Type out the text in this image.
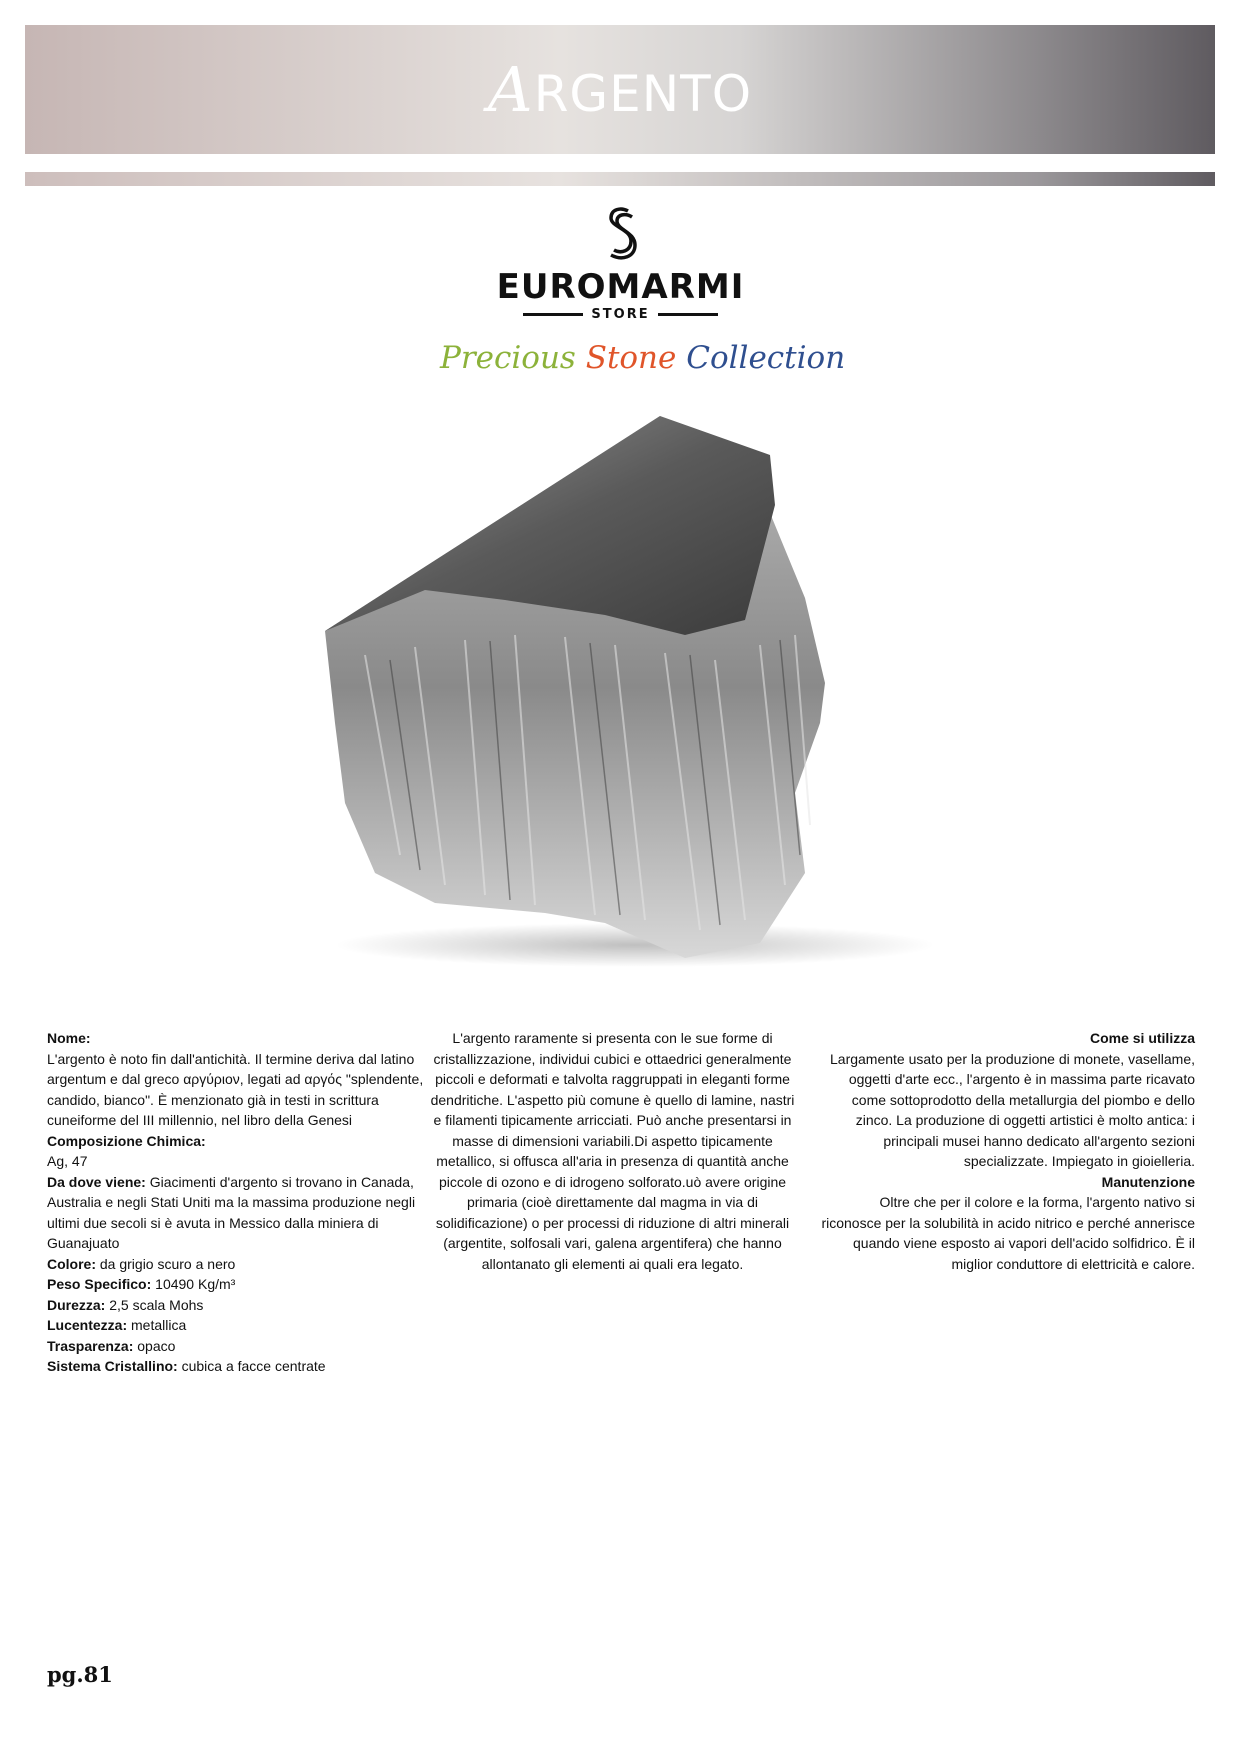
ARGENTO
EUROMARMI
STORE
Precious Stone Collection

Nome:

L'argento è noto fin dall'antichità. Il termine deriva dal latino argentum e dal greco αργύριον, legati ad αργός "splendente, candido, bianco". È menzionato già in testi in scrittura cuneiforme del III millennio, nel libro della Genesi

Composizione Chimica:

Ag, 47

Da dove viene: Giacimenti d'argento si trovano in Canada, Australia e negli Stati Uniti ma la massima produzione negli ultimi due secoli si è avuta in Messico dalla miniera di Guanajuato

Colore: da grigio scuro a nero

Peso Specifico: 10490 Kg/m³

Durezza: 2,5 scala Mohs

Lucentezza: metallica

Trasparenza: opaco

Sistema Cristallino: cubica a facce centrate

L'argento raramente si presenta con le sue forme di cristallizzazione, individui cubici e ottaedrici generalmente piccoli e deformati e talvolta raggruppati in eleganti forme dendritiche. L'aspetto più comune è quello di lamine, nastri e filamenti tipicamente arricciati. Può anche presentarsi in masse di dimensioni variabili.Di aspetto tipicamente metallico, si offusca all'aria in presenza di quantità anche piccole di ozono e di idrogeno solforato.uò avere origine primaria (cioè direttamente dal magma in via di solidificazione) o per processi di riduzione di altri minerali (argentite, solfosali vari, galena argentifera) che hanno allontanato gli elementi ai quali era legato.

Come si utilizza

Largamente usato per la produzione di monete, vasellame, oggetti d'arte ecc., l'argento è in massima parte ricavato come sottoprodotto della metallurgia del piombo e dello zinco. La produzione di oggetti artistici è molto antica: i principali musei hanno dedicato all'argento sezioni specializzate. Impiegato in gioielleria.

Manutenzione

Oltre che per il colore e la forma, l'argento nativo si riconosce per la solubilità in acido nitrico e perché annerisce quando viene esposto ai vapori dell'acido solfidrico. È il miglior conduttore di elettricità e calore.

pg.81
